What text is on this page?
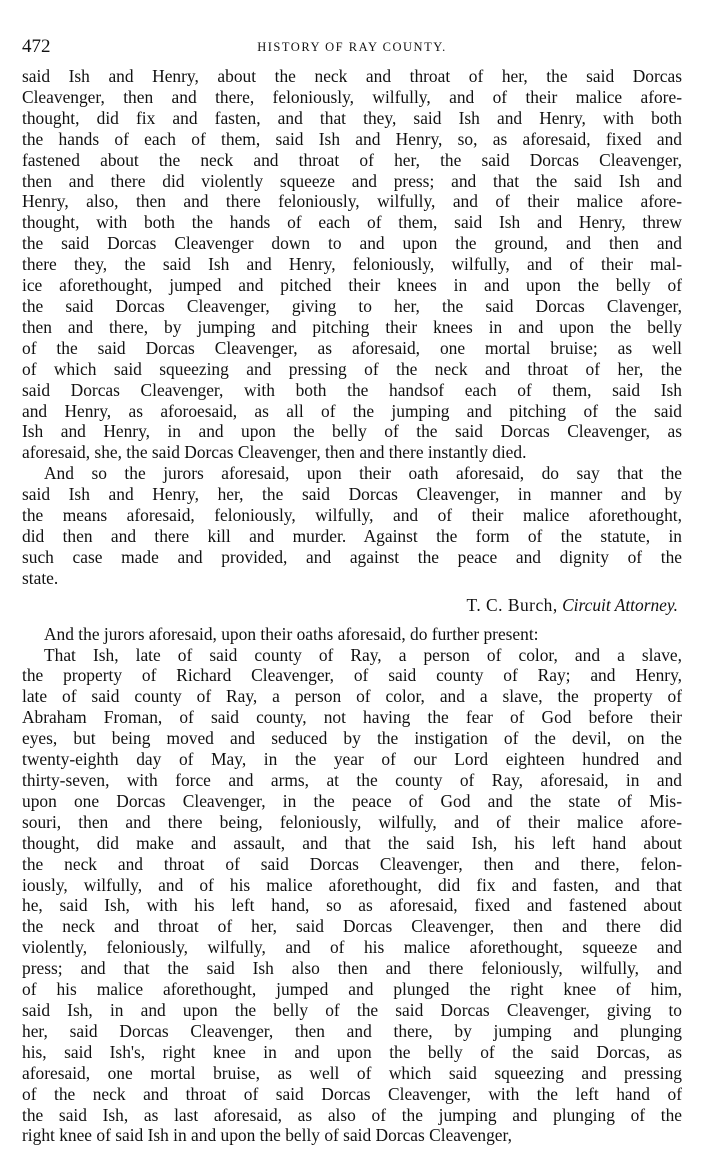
472	HISTORY OF RAY COUNTY.
said Ish and Henry, about the neck and throat of her, the said Dorcas
Cleavenger, then and there, feloniously, wilfully, and of their malice afore-
thought, did fix and fasten, and that they, said Ish and Henry, with both
the hands of each of them, said Ish and Henry, so, as aforesaid, fixed and
fastened about the neck and throat of her, the said Dorcas Cleavenger,
then and there did violently squeeze and press; and that the said Ish and
Henry, also, then and there feloniously, wilfully, and of their malice afore-
thought, with both the hands of each of them, said Ish and Henry, threw
the said Dorcas Cleavenger down to and upon the ground, and then and
there they, the said Ish and Henry, feloniously, wilfully, and of their mal-
ice aforethought, jumped and pitched their knees in and upon the belly of
the said Dorcas Cleavenger, giving to her, the said Dorcas Clavenger,
then and there, by jumping and pitching their knees in and upon the belly
of the said Dorcas Cleavenger, as aforesaid, one mortal bruise; as well
of which said squeezing and pressing of the neck and throat of her, the
said Dorcas Cleavenger, with both the handsof each of them, said Ish
and Henry, as aforoesaid, as all of the jumping and pitching of the said
Ish and Henry, in and upon the belly of the said Dorcas Cleavenger, as
aforesaid, she, the said Dorcas Cleavenger, then and there instantly died.
And so the jurors aforesaid, upon their oath aforesaid, do say that the
said Ish and Henry, her, the said Dorcas Cleavenger, in manner and by
the means aforesaid, feloniously, wilfully, and of their malice aforethought,
did then and there kill and murder. Against the form of the statute, in
such case made and provided, and against the peace and dignity of the
state.
T. C. Burch, Circuit Attorney.
And the jurors aforesaid, upon their oaths aforesaid, do further present:
That Ish, late of said county of Ray, a person of color, and a slave,
the property of Richard Cleavenger, of said county of Ray; and Henry,
late of said county of Ray, a person of color, and a slave, the property of
Abraham Froman, of said county, not having the fear of God before their
eyes, but being moved and seduced by the instigation of the devil, on the
twenty-eighth day of May, in the year of our Lord eighteen hundred and
thirty-seven, with force and arms, at the county of Ray, aforesaid, in and
upon one Dorcas Cleavenger, in the peace of God and the state of Mis-
souri, then and there being, feloniously, wilfully, and of their malice afore-
thought, did make and assault, and that the said Ish, his left hand about
the neck and throat of said Dorcas Cleavenger, then and there, felon-
iously, wilfully, and of his malice aforethought, did fix and fasten, and that
he, said Ish, with his left hand, so as aforesaid, fixed and fastened about
the neck and throat of her, said Dorcas Cleavenger, then and there did
violently, feloniously, wilfully, and of his malice aforethought, squeeze and
press; and that the said Ish also then and there feloniously, wilfully, and
of his malice aforethought, jumped and plunged the right knee of him,
said Ish, in and upon the belly of the said Dorcas Cleavenger, giving to
her, said Dorcas Cleavenger, then and there, by jumping and plunging
his, said Ish's, right knee in and upon the belly of the said Dorcas, as
aforesaid, one mortal bruise, as well of which said squeezing and pressing
of the neck and throat of said Dorcas Cleavenger, with the left hand of
the said Ish, as last aforesaid, as also of the jumping and plunging of the
right knee of said Ish in and upon the belly of said Dorcas Cleavenger,
